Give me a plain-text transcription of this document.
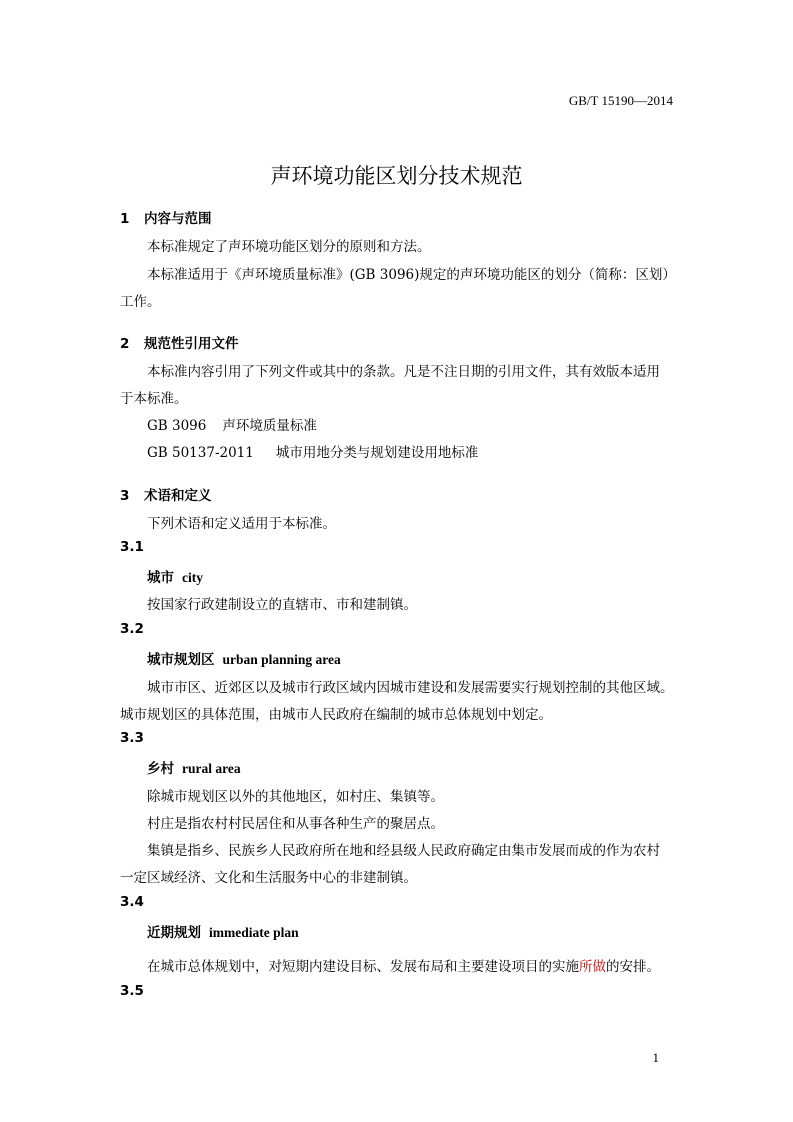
GB/T 15190—2014
声环境功能区划分技术规范
1 内容与范围
本标准规定了声环境功能区划分的原则和方法。
本标准适用于《声环境质量标准》(GB 3096)规定的声环境功能区的划分（简称：区划）
工作。
2 规范性引用文件
本标准内容引用了下列文件或其中的条款。凡是不注日期的引用文件，其有效版本适用
于本标准。
GB 3096 声环境质量标准
GB 50137-2011 城市用地分类与规划建设用地标准
3 术语和定义
下列术语和定义适用于本标准。
3.1
城市 city
按国家行政建制设立的直辖市、市和建制镇。
3.2
城市规划区 urban planning area
城市市区、近郊区以及城市行政区域内因城市建设和发展需要实行规划控制的其他区域。
城市规划区的具体范围，由城市人民政府在编制的城市总体规划中划定。
3.3
乡村 rural area
除城市规划区以外的其他地区，如村庄、集镇等。
村庄是指农村村民居住和从事各种生产的聚居点。
集镇是指乡、民族乡人民政府所在地和经县级人民政府确定由集市发展而成的作为农村
一定区域经济、文化和生活服务中心的非建制镇。
3.4
近期规划 immediate plan
在城市总体规划中，对短期内建设目标、发展布局和主要建设项目的实施所做的安排。
3.5
1
